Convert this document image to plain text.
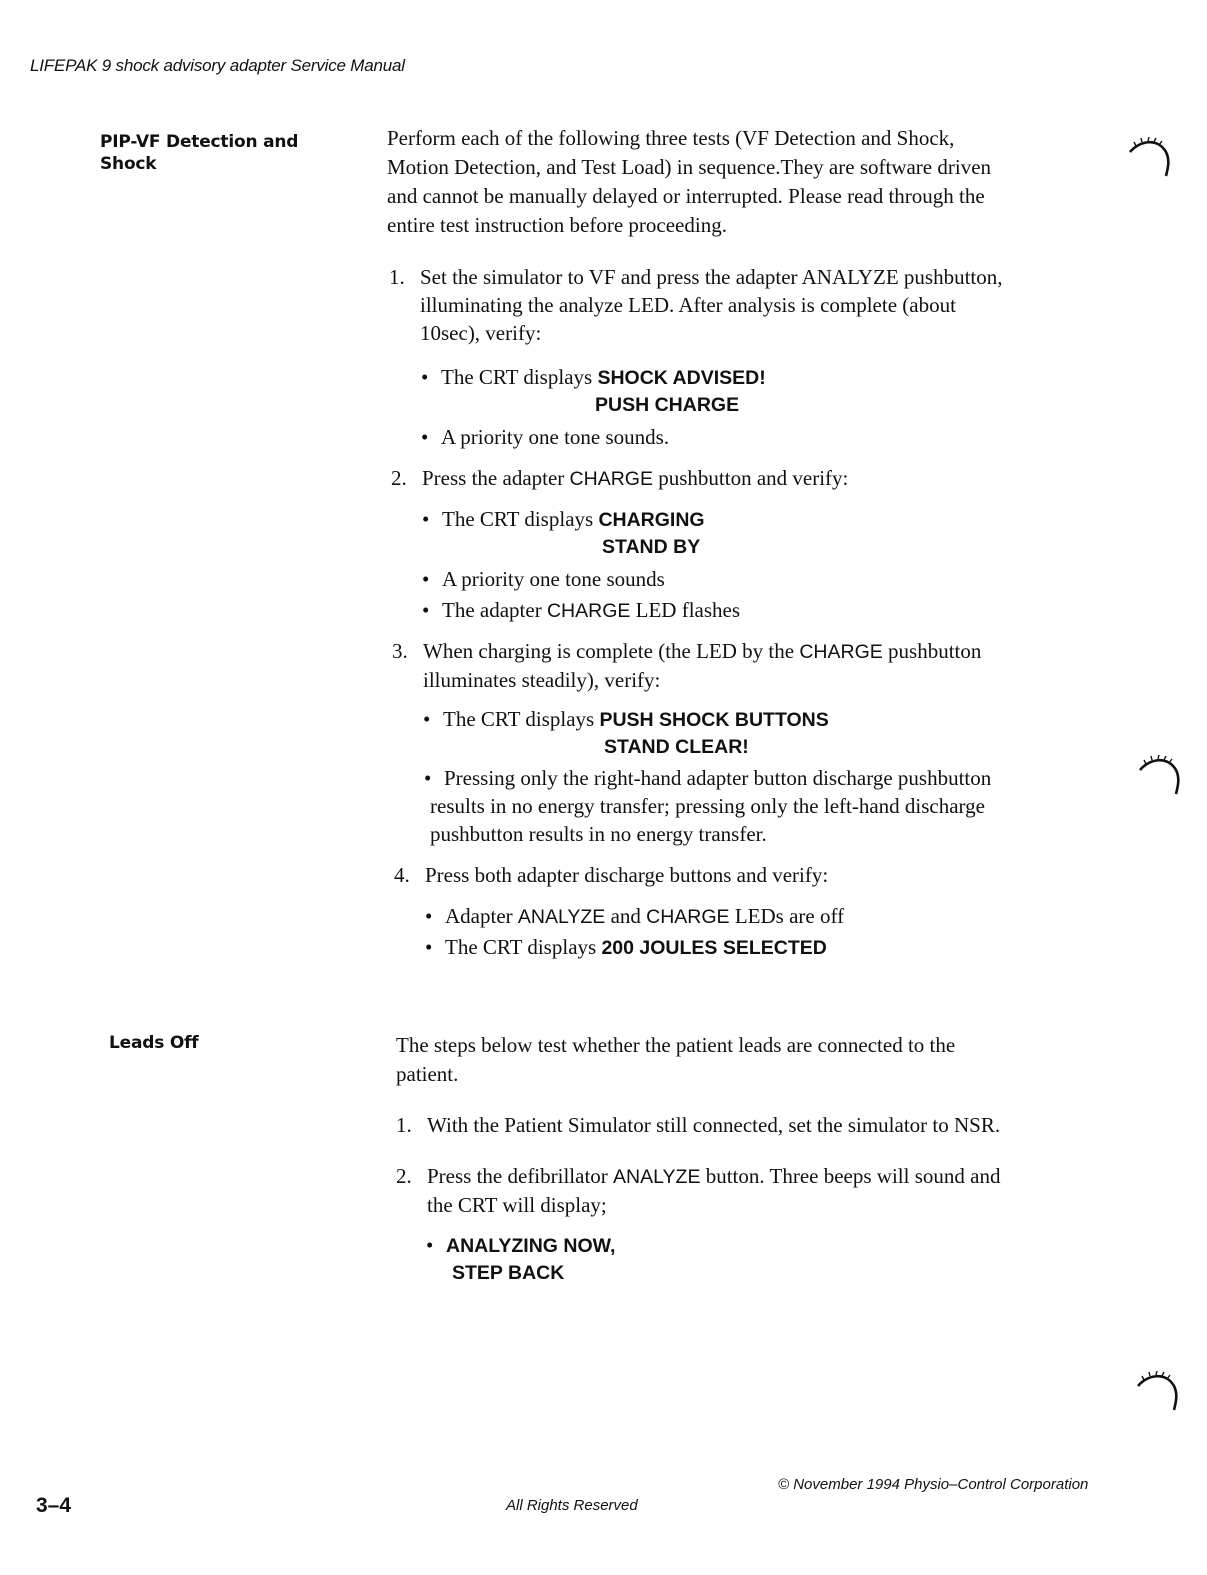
LIFEPAK 9 shock advisory adapter Service Manual
PIP-VF Detection and
Shock
Perform each of the following three tests (VF Detection and Shock,
Motion Detection, and Test Load) in sequence.They are software driven
and cannot be manually delayed or interrupted. Please read through the
entire test instruction before proceeding.
1. Set the simulator to VF and press the adapter ANALYZE pushbutton,
illuminating the analyze LED. After analysis is complete (about
10sec), verify:
• The CRT displays SHOCK ADVISED!
PUSH CHARGE
• A priority one tone sounds.
2. Press the adapter CHARGE pushbutton and verify:
• The CRT displays CHARGING
STAND BY
• A priority one tone sounds
• The adapter CHARGE LED flashes
3. When charging is complete (the LED by the CHARGE pushbutton
illuminates steadily), verify:
• The CRT displays PUSH SHOCK BUTTONS
STAND CLEAR!
• Pressing only the right-hand adapter button discharge pushbutton
results in no energy transfer; pressing only the left-hand discharge
pushbutton results in no energy transfer.
4. Press both adapter discharge buttons and verify:
• Adapter ANALYZE and CHARGE LEDs are off
• The CRT displays 200 JOULES SELECTED
Leads Off	The steps below test whether the patient leads are connected to the
patient.
1. With the Patient Simulator still connected, set the simulator to NSR.
2. Press the defibrillator ANALYZE button. Three beeps will sound and
the CRT will display;
• ANALYZING NOW,
STEP BACK
3–4	All Rights Reserved
© November 1994 Physio–Control Corporation
